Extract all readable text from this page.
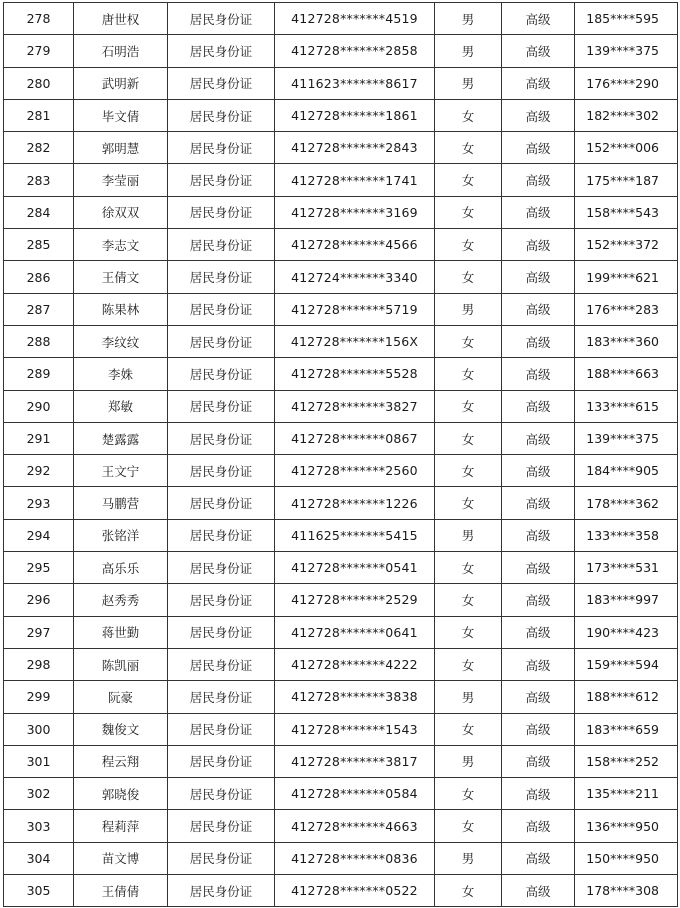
278	唐世权	居民身份证	412728*******4519	男	高级	185****595
279	石明浩	居民身份证	412728*******2858	男	高级	139****375
280	武明新	居民身份证	411623*******8617	男	高级	176****290
281	毕文倩	居民身份证	412728*******1861	女	高级	182****302
282	郭明慧	居民身份证	412728*******2843	女	高级	152****006
283	李莹丽	居民身份证	412728*******1741	女	高级	175****187
284	徐双双	居民身份证	412728*******3169	女	高级	158****543
285	李志文	居民身份证	412728*******4566	女	高级	152****372
286	王倩文	居民身份证	412724*******3340	女	高级	199****621
287	陈果林	居民身份证	412728*******5719	男	高级	176****283
288	李纹纹	居民身份证	412728*******156X	女	高级	183****360
289	李姝	居民身份证	412728*******5528	女	高级	188****663
290	郑敏	居民身份证	412728*******3827	女	高级	133****615
291	楚露露	居民身份证	412728*******0867	女	高级	139****375
292	王文宁	居民身份证	412728*******2560	女	高级	184****905
293	马鹏营	居民身份证	412728*******1226	女	高级	178****362
294	张铭洋	居民身份证	411625*******5415	男	高级	133****358
295	高乐乐	居民身份证	412728*******0541	女	高级	173****531
296	赵秀秀	居民身份证	412728*******2529	女	高级	183****997
297	蒋世勤	居民身份证	412728*******0641	女	高级	190****423
298	陈凯丽	居民身份证	412728*******4222	女	高级	159****594
299	阮豪	居民身份证	412728*******3838	男	高级	188****612
300	魏俊文	居民身份证	412728*******1543	女	高级	183****659
301	程云翔	居民身份证	412728*******3817	男	高级	158****252
302	郭晓俊	居民身份证	412728*******0584	女	高级	135****211
303	程莉萍	居民身份证	412728*******4663	女	高级	136****950
304	苗文博	居民身份证	412728*******0836	男	高级	150****950
305	王倩倩	居民身份证	412728*******0522	女	高级	178****308
